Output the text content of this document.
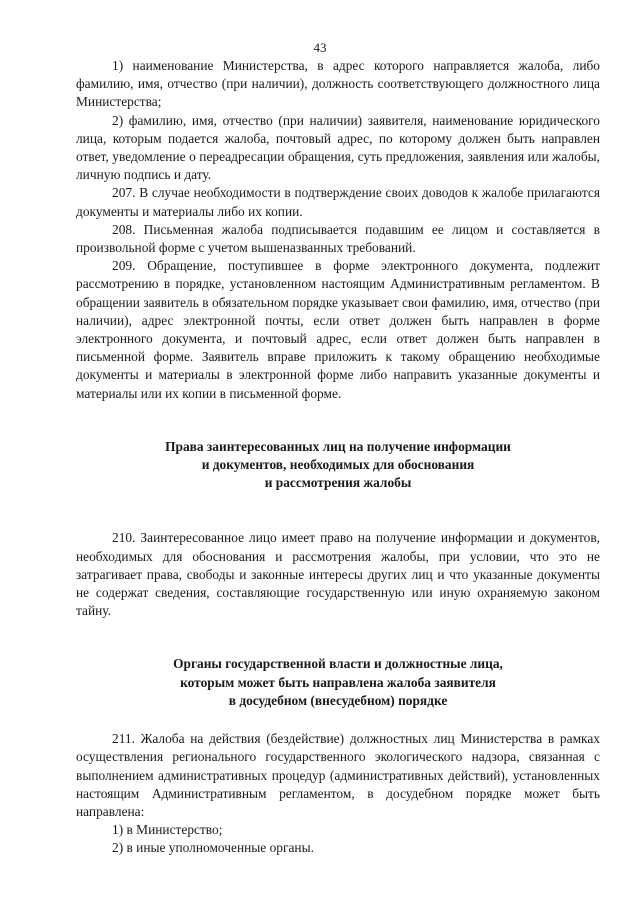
43

1) наименование Министерства, в адрес которого направляется жалоба, либо фамилию, имя, отчество (при наличии), должность соответствующего должностного лица Министерства;

2) фамилию, имя, отчество (при наличии) заявителя, наименование юридического лица, которым подается жалоба, почтовый адрес, по которому должен быть направлен ответ, уведомление о переадресации обращения, суть предложения, заявления или жалобы, личную подпись и дату.

207. В случае необходимости в подтверждение своих доводов к жалобе прилагаются документы и материалы либо их копии.

208. Письменная жалоба подписывается подавшим ее лицом и составляется в произвольной форме с учетом вышеназванных требований.

209. Обращение, поступившее в форме электронного документа, подлежит рассмотрению в порядке, установленном настоящим Административным регламентом. В обращении заявитель в обязательном порядке указывает свои фамилию, имя, отчество (при наличии), адрес электронной почты, если ответ должен быть направлен в форме электронного документа, и почтовый адрес, если ответ должен быть направлен в письменной форме. Заявитель вправе приложить к такому обращению необходимые документы и материалы в электронной форме либо направить указанные документы и материалы или их копии в письменной форме.

Права заинтересованных лиц на получение информации
и документов, необходимых для обоснования
и рассмотрения жалобы

210. Заинтересованное лицо имеет право на получение информации и документов, необходимых для обоснования и рассмотрения жалобы, при условии, что это не затрагивает права, свободы и законные интересы других лиц и что указанные документы не содержат сведения, составляющие государственную или иную охраняемую законом тайну.

Органы государственной власти и должностные лица,
которым может быть направлена жалоба заявителя
в досудебном (внесудебном) порядке

211. Жалоба на действия (бездействие) должностных лиц Министерства в рамках осуществления регионального государственного экологического надзора, связанная с выполнением административных процедур (административных действий), установленных настоящим Административным регламентом, в досудебном порядке может быть направлена:

1) в Министерство;

2) в иные уполномоченные органы.
